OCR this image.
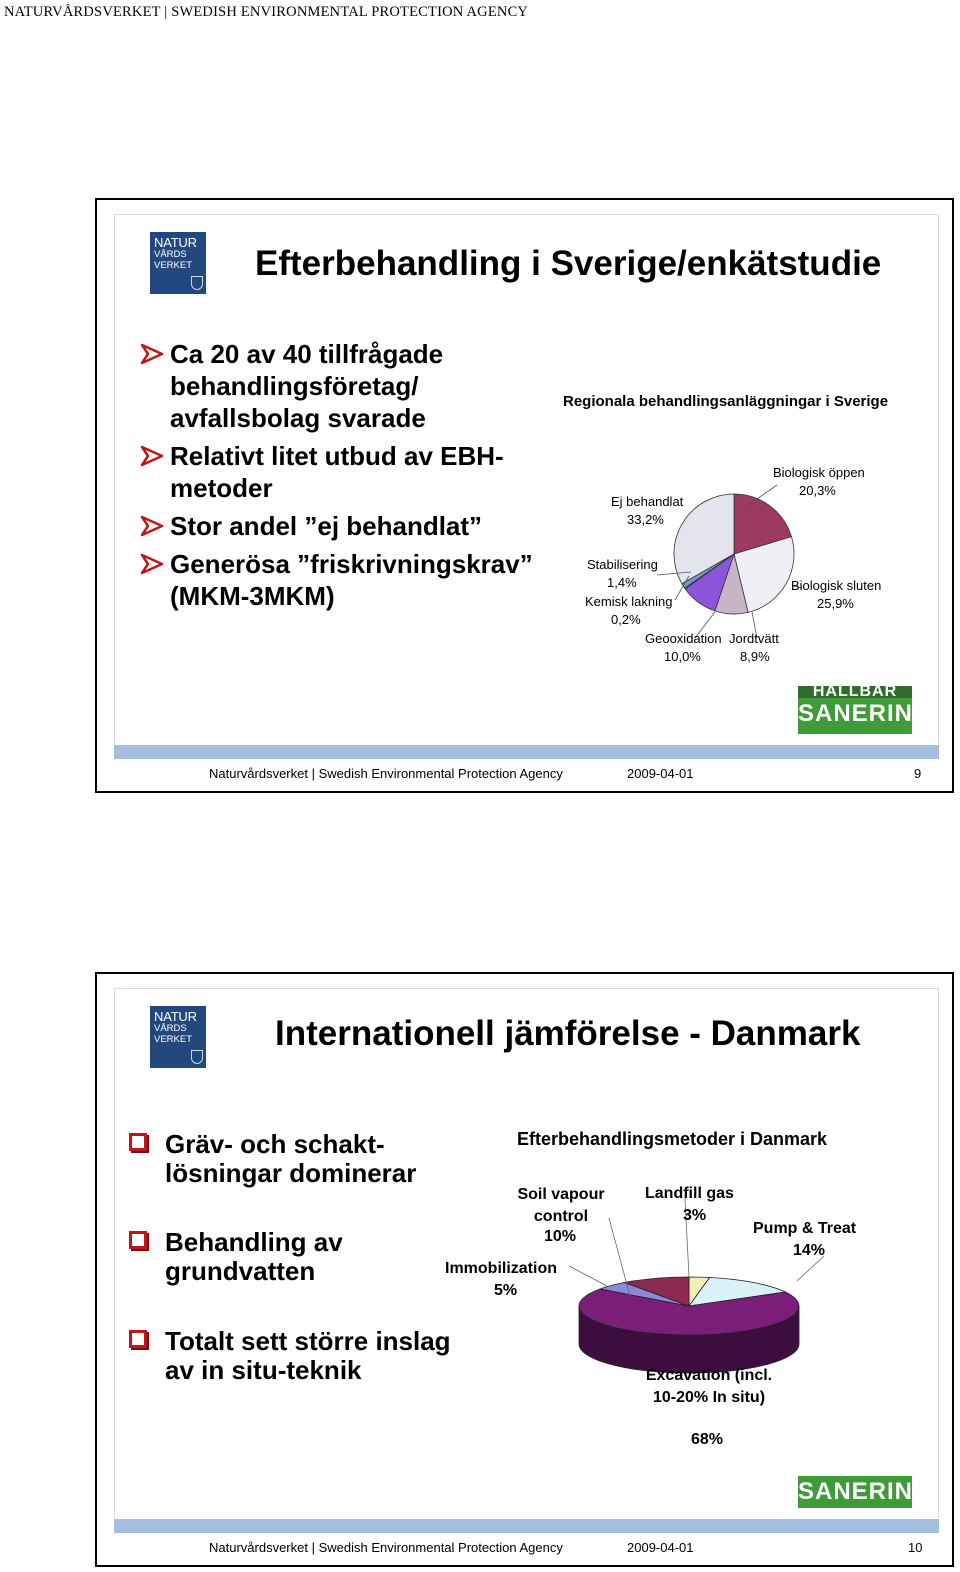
NATURVÅRDSVERKET | SWEDISH ENVIRONMENTAL PROTECTION AGENCY
NATUR
VÅRDS
VERKET	Efterbehandling i Sverige/enkätstudie
Ca 20 av 40 tillfrågade behandlingsföretag/ avfallsbolag svarade
Relativt litet utbud av EBH-metoder
Stor andel ”ej behandlat”
Generösa ”friskrivningskrav” (MKM-3MKM)
Regionala behandlingsanläggningar i Sverige
Biologisk öppen
20,3%
Biologisk sluten
25,9%
Jordtvätt
8,9%
Geooxidation
10,0%
Kemisk lakning
0,2%
Stabilisering
1,4%
Ej behandlat
33,2%
HALLBAR
SANERING
Naturvårdsverket | Swedish Environmental Protection Agency	2009-04-01	9
NATUR
VÅRDS
VERKET	Internationell jämförelse - Danmark
Gräv- och schakt-lösningar dominerar
Behandling av grundvatten
Totalt sett större inslag av in situ-teknik
Efterbehandlingsmetoder i Danmark
Landfill gas
3%
Pump & Treat
14%
Excavation (incl. 10-20% In situ)
68%
Immobilization
5%
Soil vapour control
10%
SANERING
Naturvårdsverket | Swedish Environmental Protection Agency	2009-04-01	10
